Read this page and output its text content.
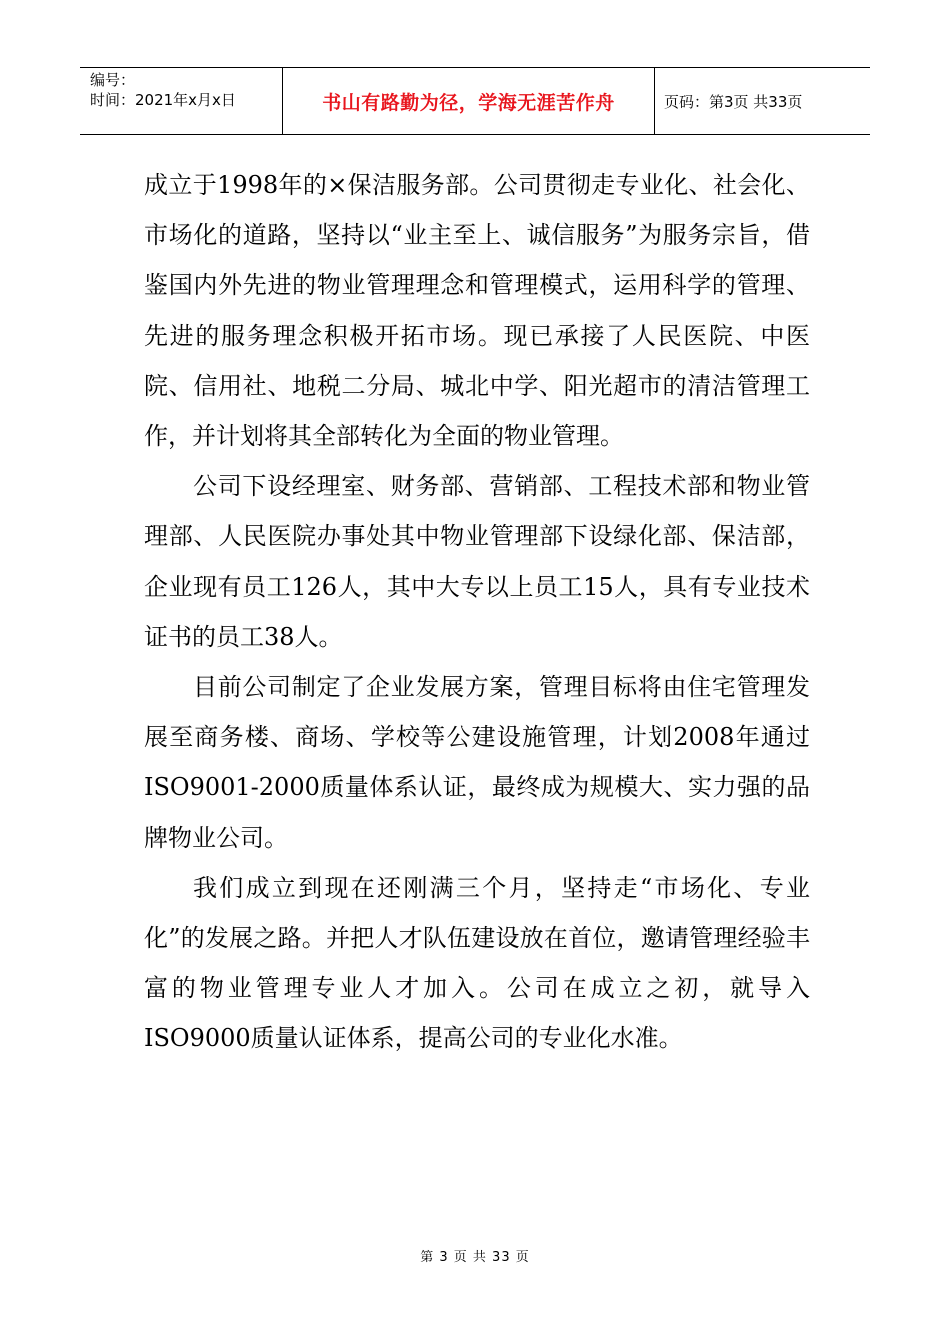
编号：
时间：2021年x月x日	书山有路勤为径，学海无涯苦作舟	页码：第3页 共33页

成立于1998年的×保洁服务部。公司贯彻走专业化、社会化、市场化的道路，坚持以“业主至上、诚信服务”为服务宗旨，借鉴国内外先进的物业管理理念和管理模式，运用科学的管理、先进的服务理念积极开拓市场。现已承接了人民医院、中医院、信用社、地税二分局、城北中学、阳光超市的清洁管理工作，并计划将其全部转化为全面的物业管理。

公司下设经理室、财务部、营销部、工程技术部和物业管理部、人民医院办事处其中物业管理部下设绿化部、保洁部，企业现有员工126人，其中大专以上员工15人，具有专业技术证书的员工38人。

目前公司制定了企业发展方案，管理目标将由住宅管理发展至商务楼、商场、学校等公建设施管理，计划2008年通过ISO9001-2000质量体系认证，最终成为规模大、实力强的品牌物业公司。

我们成立到现在还刚满三个月，坚持走“市场化、专业化”的发展之路。并把人才队伍建设放在首位，邀请管理经验丰富的物业管理专业人才加入。公司在成立之初，就导入ISO9000质量认证体系，提高公司的专业化水准。

第 3 页 共 33 页
